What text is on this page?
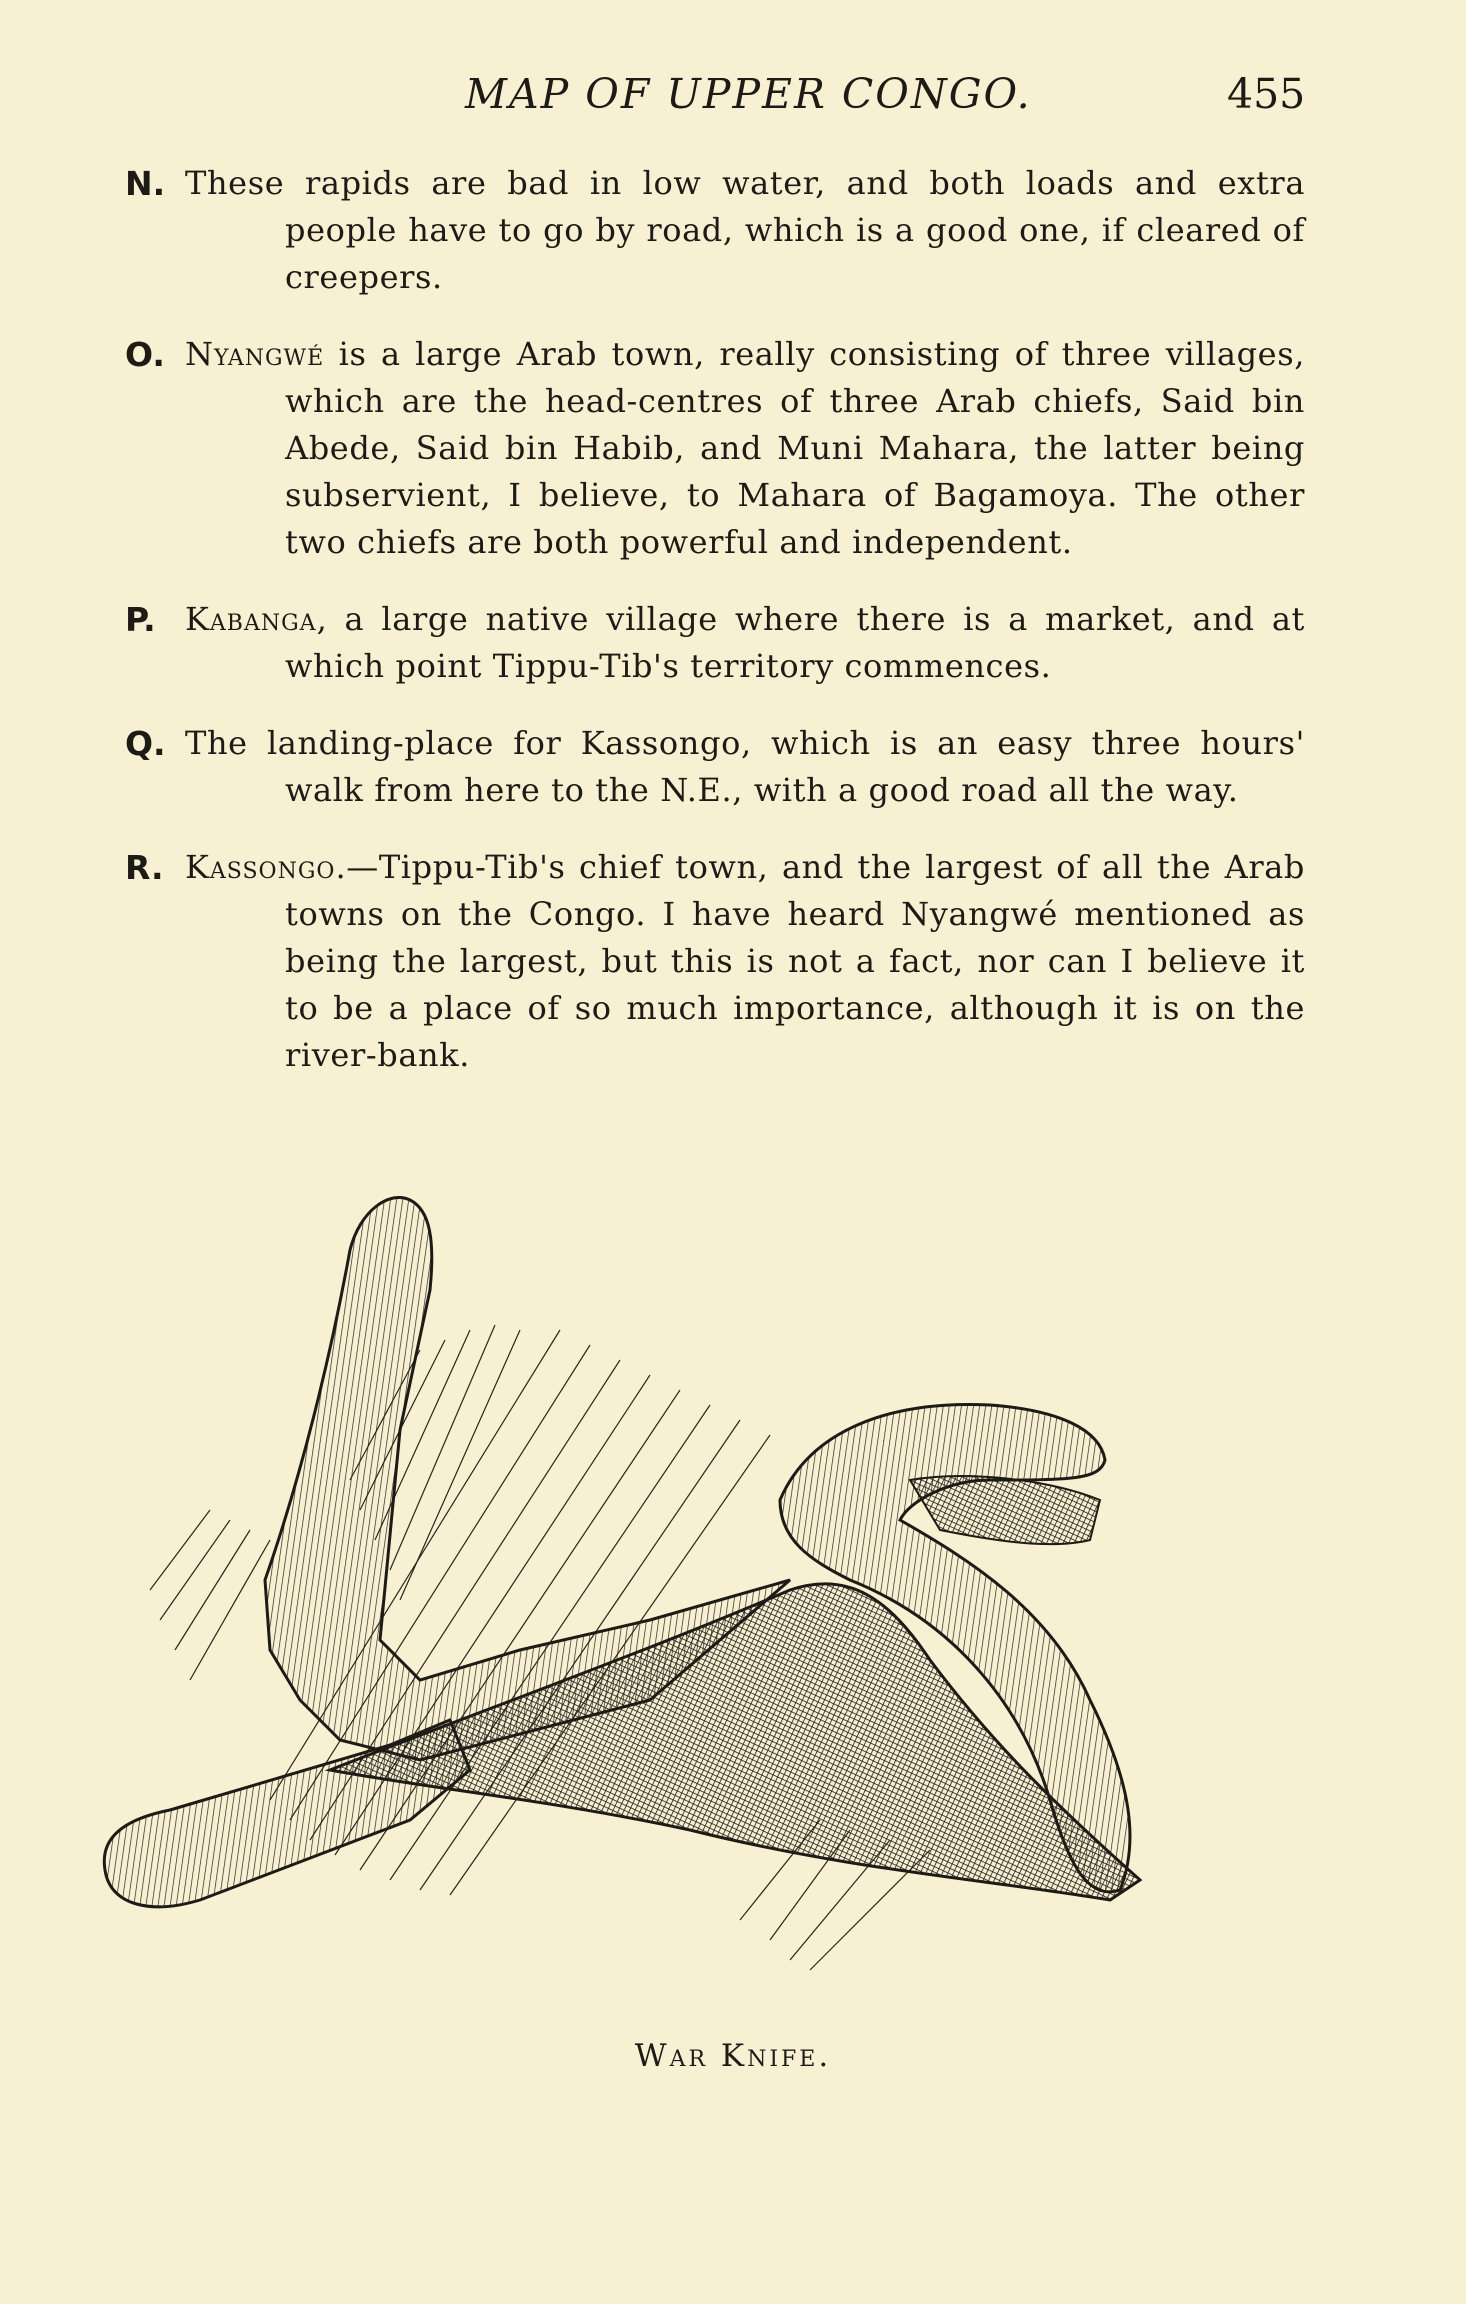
MAP OF UPPER CONGO.	455
N. These rapids are bad in low water, and both loads and extra people have to go by road, which is a good one, if cleared of creepers.
O. Nyangwé is a large Arab town, really consisting of three villages, which are the head-centres of three Arab chiefs, Said bin Abede, Said bin Habib, and Muni Mahara, the latter being subservient, I believe, to Mahara of Bagamoya. The other two chiefs are both powerful and independent.
P. Kabanga, a large native village where there is a market, and at which point Tippu-Tib's territory commences.
Q. The landing-place for Kassongo, which is an easy three hours' walk from here to the N.E., with a good road all the way.
R. Kassongo.—Tippu-Tib's chief town, and the largest of all the Arab towns on the Congo. I have heard Nyangwé mentioned as being the largest, but this is not a fact, nor can I believe it to be a place of so much importance, although it is on the river-bank.
War Knife.
